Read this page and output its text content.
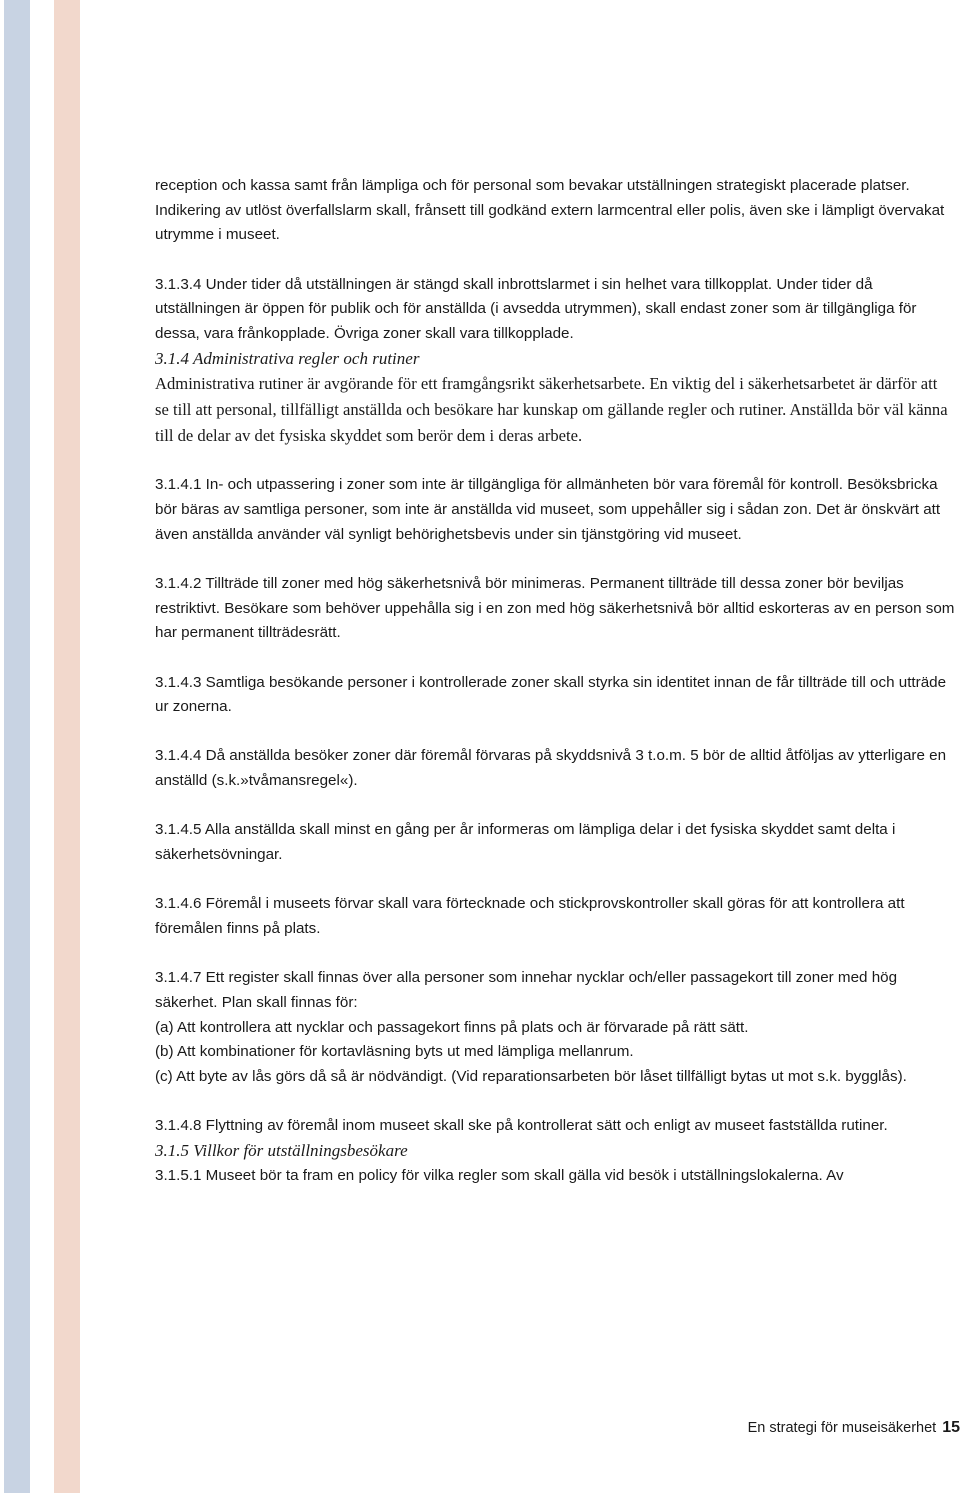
reception och kassa samt från lämpliga och för personal som bevakar utställningen strategiskt placerade platser. Indikering av utlöst överfallslarm skall, frånsett till godkänd extern larmcentral eller polis, även ske i lämpligt övervakat utrymme i museet.

3.1.3.4 Under tider då utställningen är stängd skall inbrottslarmet i sin helhet vara tillkopplat. Under tider då utställningen är öppen för publik och för anställda (i avsedda utrymmen), skall endast zoner som är tillgängliga för dessa, vara frånkopplade. Övriga zoner skall vara tillkopplade.

3.1.4 Administrativa regler och rutiner

Administrativa rutiner är avgörande för ett framgångsrikt säkerhetsarbete. En viktig del i säkerhetsarbetet är därför att se till att personal, tillfälligt anställda och besökare har kunskap om gällande regler och rutiner. Anställda bör väl känna till de delar av det fysiska skyddet som berör dem i deras arbete.

3.1.4.1 In- och utpassering i zoner som inte är tillgängliga för allmänheten bör vara föremål för kontroll. Besöksbricka bör bäras av samtliga personer, som inte är anställda vid museet, som uppehåller sig i sådan zon. Det är önskvärt att även anställda använder väl synligt behörighetsbevis under sin tjänstgöring vid museet.

3.1.4.2 Tillträde till zoner med hög säkerhetsnivå bör minimeras. Permanent tillträde till dessa zoner bör beviljas restriktivt. Besökare som behöver uppehålla sig i en zon med hög säkerhetsnivå bör alltid eskorteras av en person som har permanent tillträdesrätt.

3.1.4.3 Samtliga besökande personer i kontrollerade zoner skall styrka sin identitet innan de får tillträde till och utträde ur zonerna.

3.1.4.4 Då anställda besöker zoner där föremål förvaras på skyddsnivå 3 t.o.m. 5 bör de alltid åtföljas av ytterligare en anställd (s.k.»tvåmansregel«).

3.1.4.5 Alla anställda skall minst en gång per år informeras om lämpliga delar i det fysiska skyddet samt delta i säkerhetsövningar.

3.1.4.6 Föremål i museets förvar skall vara förtecknade och stickprovskontroller skall göras för att kontrollera att föremålen finns på plats.

3.1.4.7 Ett register skall finnas över alla personer som innehar nycklar och/eller passagekort till zoner med hög säkerhet. Plan skall finnas för:
(a) Att kontrollera att nycklar och passagekort finns på plats och är förvarade på rätt sätt.
(b) Att kombinationer för kortavläsning byts ut med lämpliga mellanrum.
(c) Att byte av lås görs då så är nödvändigt. (Vid reparationsarbeten bör låset tillfälligt bytas ut mot s.k. bygglås).

3.1.4.8 Flyttning av föremål inom museet skall ske på kontrollerat sätt och enligt av museet fastställda rutiner.

3.1.5 Villkor för utställningsbesökare

3.1.5.1 Museet bör ta fram en policy för vilka regler som skall gälla vid besök i utställningslokalerna. Av

En strategi för museisäkerhet 15
